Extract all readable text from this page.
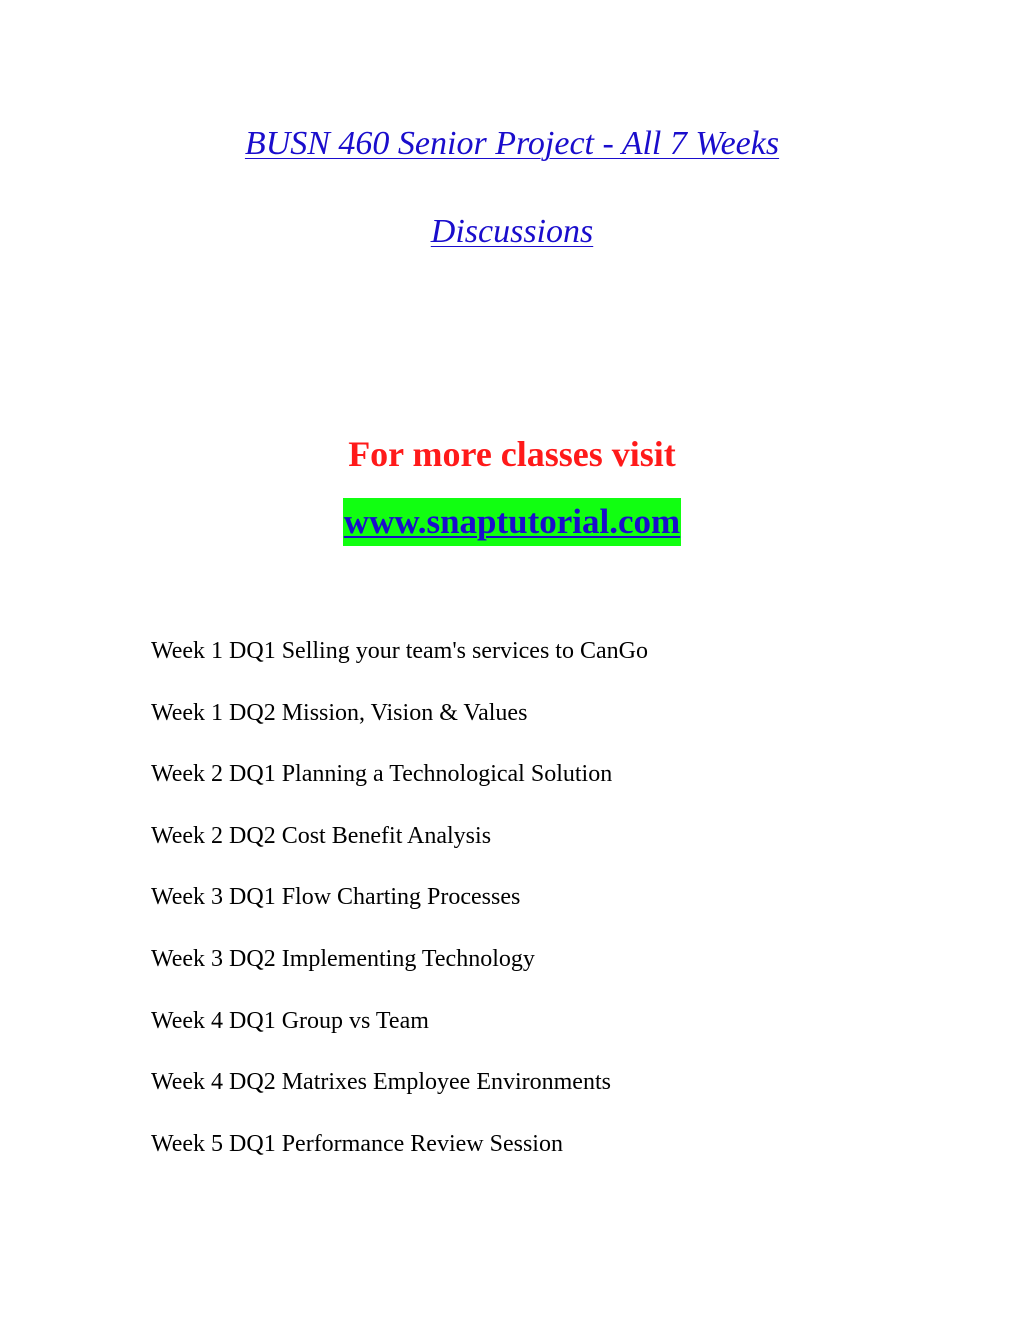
BUSN 460 Senior Project - All 7 Weeks
Discussions
For more classes visit
www.snaptutorial.com
Week 1 DQ1 Selling your team's services to CanGo
Week 1 DQ2 Mission, Vision & Values
Week 2 DQ1 Planning a Technological Solution
Week 2 DQ2 Cost Benefit Analysis
Week 3 DQ1 Flow Charting Processes
Week 3 DQ2 Implementing Technology
Week 4 DQ1 Group vs Team
Week 4 DQ2 Matrixes Employee Environments
Week 5 DQ1 Performance Review Session
